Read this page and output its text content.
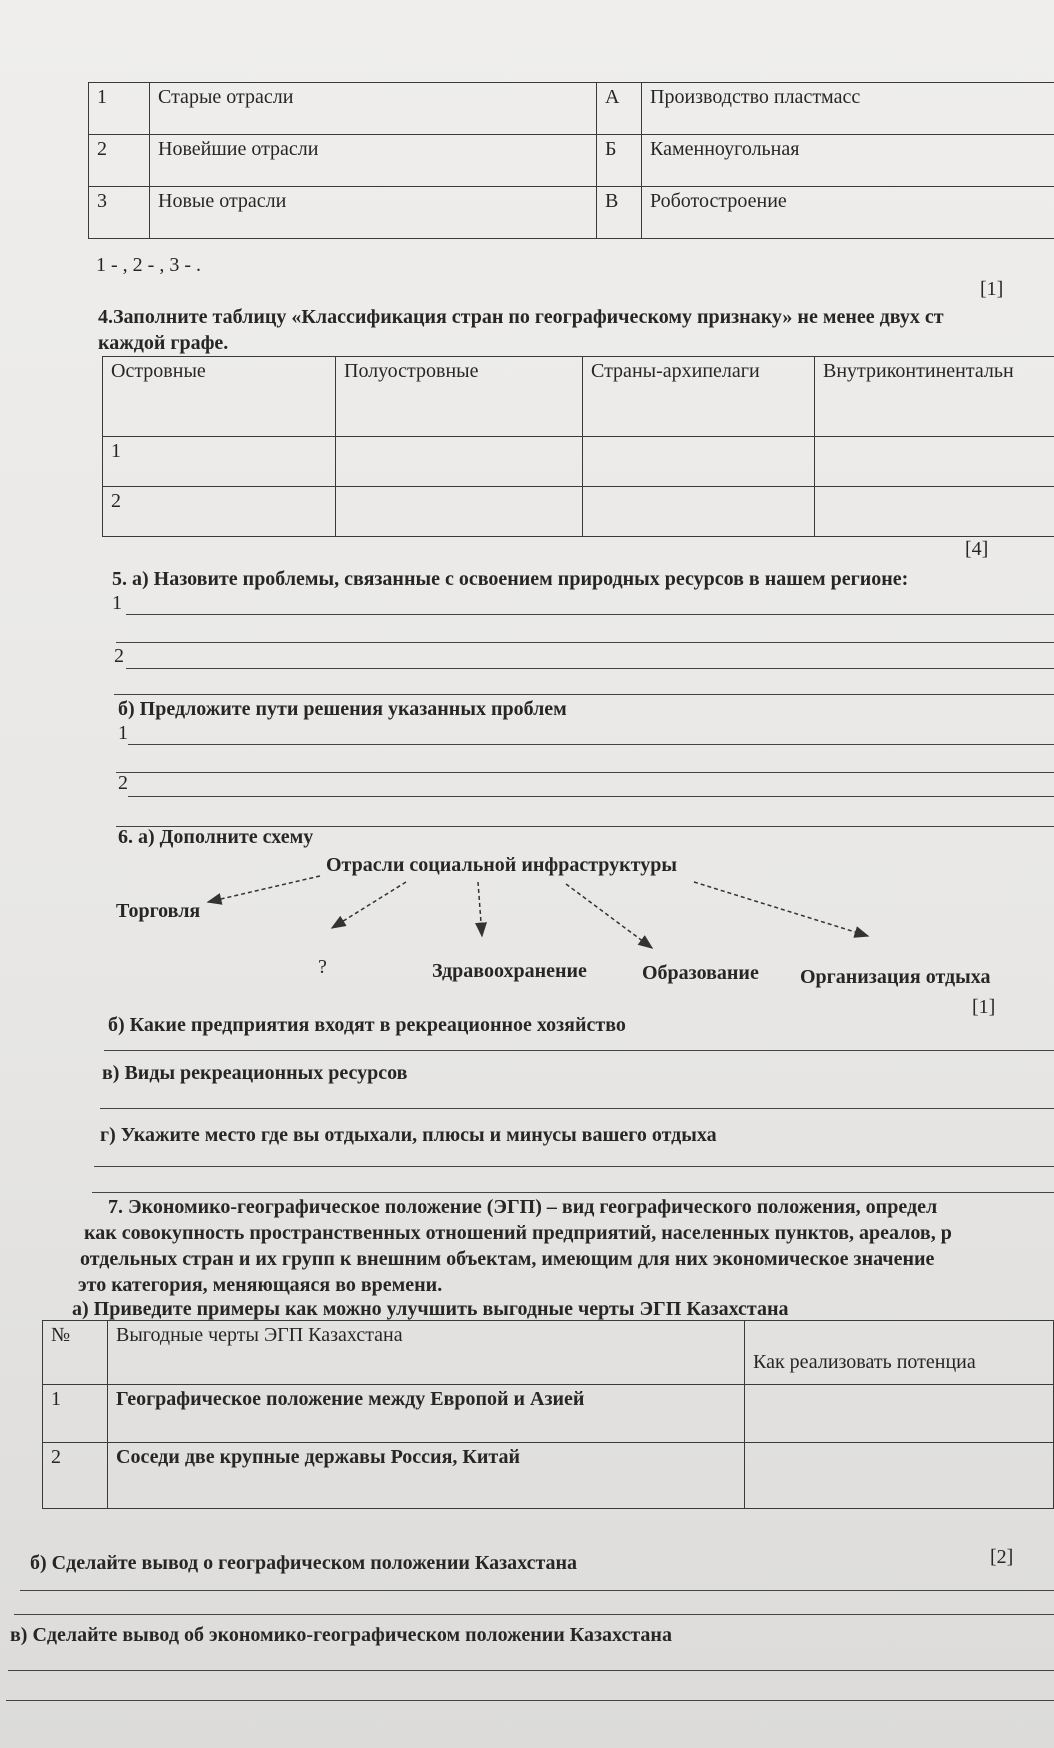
1	Старые отрасли	А	Производство пластмасс
2	Новейшие отрасли	Б	Каменноугольная
3	Новые отрасли	В	Роботостроение
1 - , 2 - , 3 - .
[1]
4.Заполните таблицу «Классификация стран по географическому признаку» не менее двух ст
каждой графе.
Островные	Полуостровные	Страны-архипелаги	Внутриконтинентальн
1			
2			
[4]
5. а) Назовите проблемы, связанные с освоением природных ресурсов в нашем регионе:
1
2
б) Предложите пути решения указанных проблем
1
2
6. а) Дополните схему
Отрасли социальной инфраструктуры
Торговля
?	Здравоохранение	Образование Организация отдыха
[1]
б) Какие предприятия входят в рекреационное хозяйство
в) Виды рекреационных ресурсов
г) Укажите место где вы отдыхали, плюсы и минусы вашего отдыха
7. Экономико-географическое положение (ЭГП) – вид географического положения, определ
как совокупность пространственных отношений предприятий, населенных пунктов, ареалов, р
отдельных стран и их групп к внешним объектам, имеющим для них экономическое значение
это категория, меняющаяся во времени.
а) Приведите примеры как можно улучшить выгодные черты ЭГП Казахстана
№	Выгодные черты ЭГП Казахстана	Как реализовать потенциа
1	Географическое положение между Европой и Азией	
2	Соседи две крупные державы Россия, Китай	
[2]
б) Сделайте вывод о географическом положении Казахстана
в) Сделайте вывод об экономико-географическом положении Казахстана
